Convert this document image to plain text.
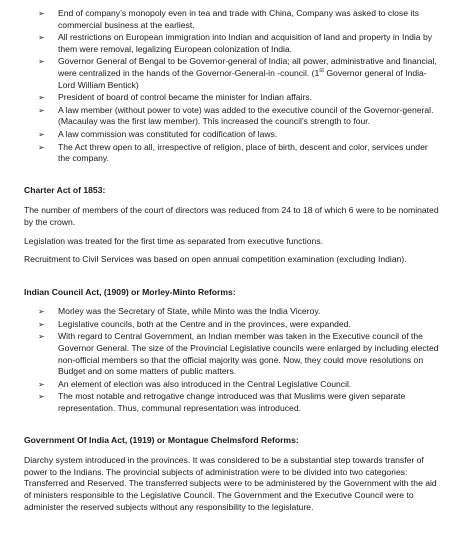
➢ End of company’s monopoly even in tea and trade with China, Company was asked to close its commercial business at the earliest.
➢ All restrictions on European immigration into Indian and acquisition of land and property in India by them were removal, legalizing European colonization of India.
➢ Governor General of Bengal to be Governor-general of India; all power, administrative and financial, were centralized in the hands of the Governor-General-in -council. (1st Governor general of India- Lord William Bentick)
➢ President of board of control became the minister for Indian affairs.
➢ A law member (without power to vote) was added to the executive council of the Governor-general. (Macaulay was the first law member). This increased the council’s strength to four.
➢ A law commission was constituted for codification of laws.
➢ The Act threw open to all, irrespective of religion, place of birth, descent and color, services under the company.
Charter Act of 1853:

The number of members of the court of directors was reduced from 24 to 18 of which 6 were to be nominated by the crown.

Legislation was treated for the first time as separated from executive functions.

Recruitment to Civil Services was based on open annual competition examination (excluding Indian).

Indian Council Act, (1909) or Morley-Minto Reforms:
➢ Morley was the Secretary of State, while Minto was the India Viceroy.
➢ Legislative councils, both at the Centre and in the provinces, were expanded.
➢ With regard to Central Government, an Indian member was taken in the Executive council of the Governor General. The size of the Provincial Legislative councils were enlarged by including elected non-official members so that the official majority was gone. Now, they could move resolutions on Budget and on some matters of public matters.
➢ An element of election was also introduced in the Central Legislative Council.
➢ The most notable and retrogative change introduced was that Muslims were given separate representation. Thus, communal representation was introduced.
Government Of India Act, (1919) or Montague Chelmsford Reforms:

Diarchy system introduced in the provinces. It was considered to be a substantial step towards transfer of power to the Indians. The provincial subjects of administration were to be divided into two categories: Transferred and Reserved. The transferred subjects were to be administered by the Government with the aid of ministers responsible to the Legislative Council. The Government and the Executive Council were to administer the reserved subjects without any responsibility to the legislature.
